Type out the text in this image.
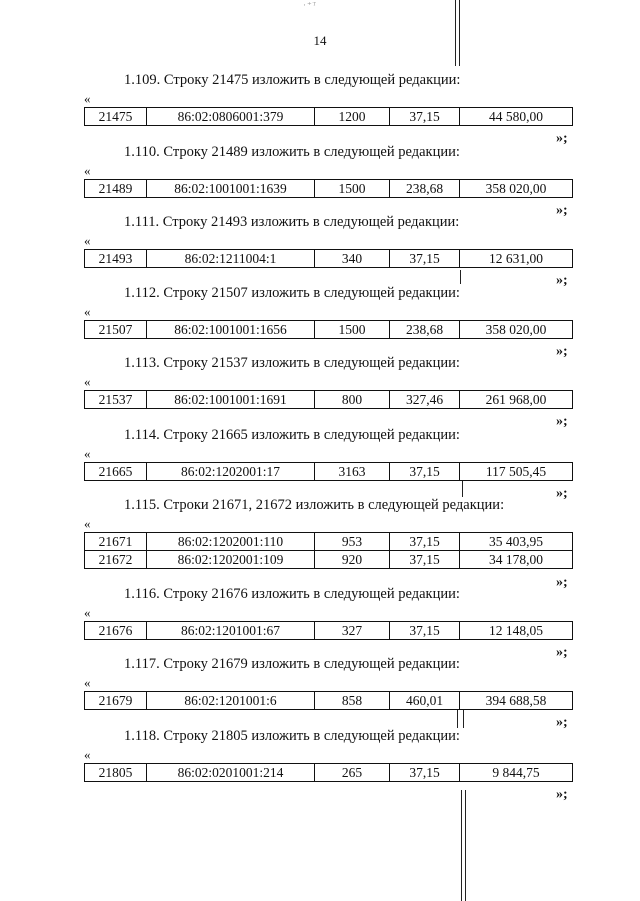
·⁺ᵀ
14
1.109. Строку 21475 изложить в следующей редакции:
«
21475	86:02:0806001:379	1200	37,15	44 580,00
»;
1.110. Строку 21489 изложить в следующей редакции:
«
21489	86:02:1001001:1639	1500	238,68	358 020,00
»;
1.111. Строку 21493 изложить в следующей редакции:
«
21493	86:02:1211004:1	340	37,15	12 631,00
»;
1.112. Строку 21507 изложить в следующей редакции:
«
21507	86:02:1001001:1656	1500	238,68	358 020,00
»;
1.113. Строку 21537 изложить в следующей редакции:
«
21537	86:02:1001001:1691	800	327,46	261 968,00
»;
1.114. Строку 21665 изложить в следующей редакции:
«
21665	86:02:1202001:17	3163	37,15	117 505,45
»;
1.115. Строки 21671, 21672 изложить в следующей редакции:
«
21671	86:02:1202001:110	953	37,15	35 403,95
21672	86:02:1202001:109	920	37,15	34 178,00
»;
1.116. Строку 21676 изложить в следующей редакции:
«
21676	86:02:1201001:67	327	37,15	12 148,05
»;
1.117. Строку 21679 изложить в следующей редакции:
«
21679	86:02:1201001:6	858	460,01	394 688,58
»;
1.118. Строку 21805 изложить в следующей редакции:
«
21805	86:02:0201001:214	265	37,15	9 844,75
»;
